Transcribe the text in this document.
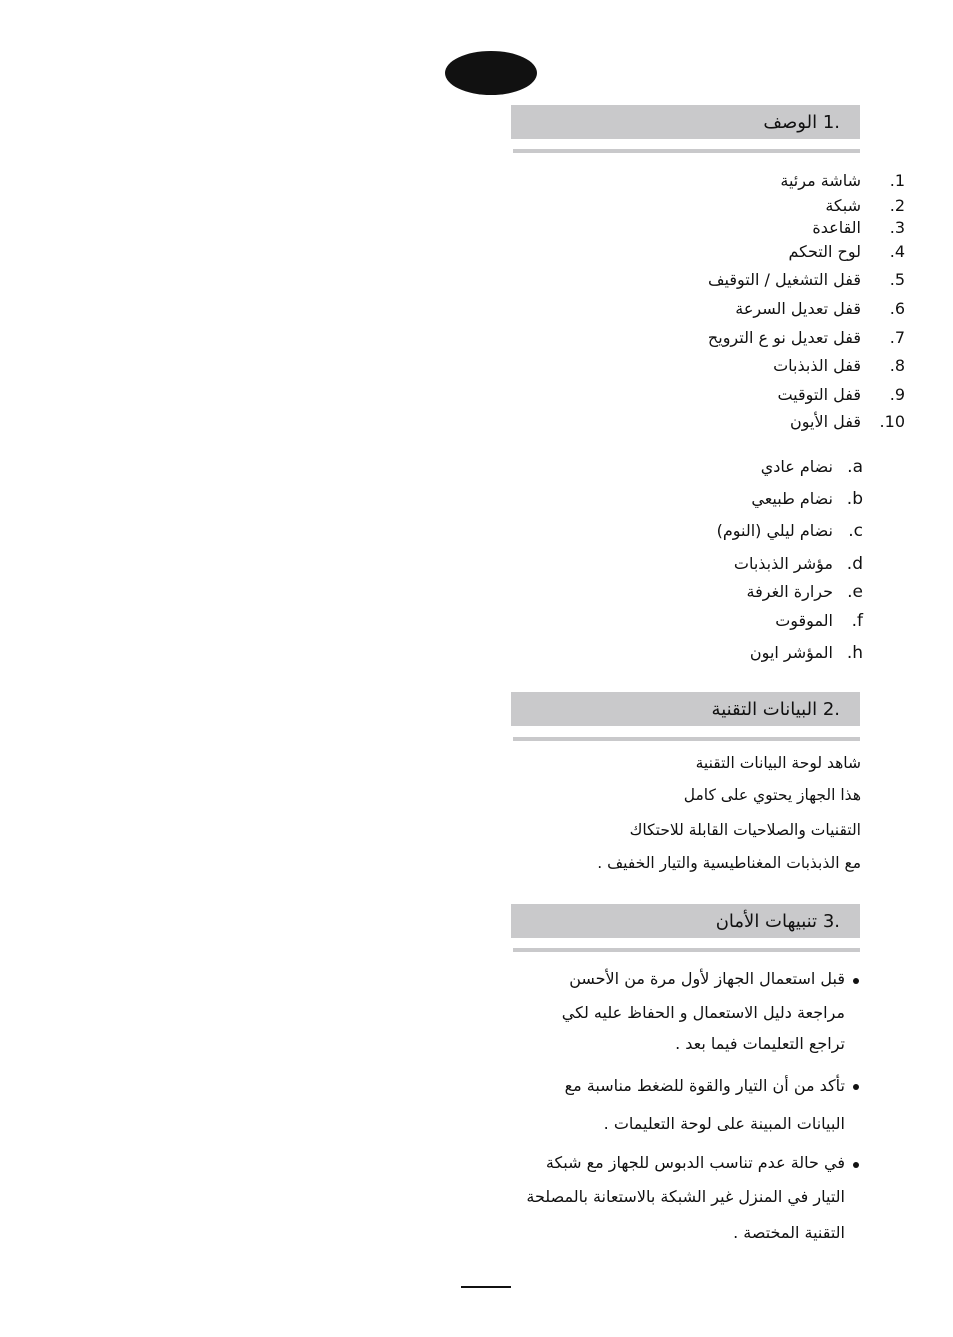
.1 الوصف
.1
شاشة مرئية
.2
شبكة
.3
القاعدة
.4
لوح التحكم
.5
قفل التشغيل / التوقيف
.6
قفل تعديل السرعة
.7
قفل تعديل نو ع الترويح
.8
قفل الذبذبات
.9
قفل التوقيت
.10
قفل الأيون
.a
نضام عادي
.b
نضام طبيعي
.c
نضام ليلي (النوم)
.d
مؤشر الذبذبات
.e
حرارة الغرفة
.f
الموقوت
.h
المؤشر ايون
.2 البيانات التقنية
شاهد لوحة البيانات التقنية
هذا الجهاز يحتوي على كامل
التقنيات والصلاحيات القابلة للاحتكاك
مع الذبذبات المغناطيسية والتيار الخفيف .
.3 تنبيهات الأمان
قبل استعمال الجهاز لأول مرة من الأحسن
مراجعة دليل الاستعمال و الحفاظ عليه لكي
تراجع التعليمات فيما بعد .
تأكد من أن التيار والقوة للضغط مناسبة مع
البيانات المبينة على لوحة التعليمات .
في حالة عدم تناسب الدبوس للجهاز مع شبكة
التيار في المنزل غير الشبكة بالاستعانة بالمصلحة
التقنية المختصة .
